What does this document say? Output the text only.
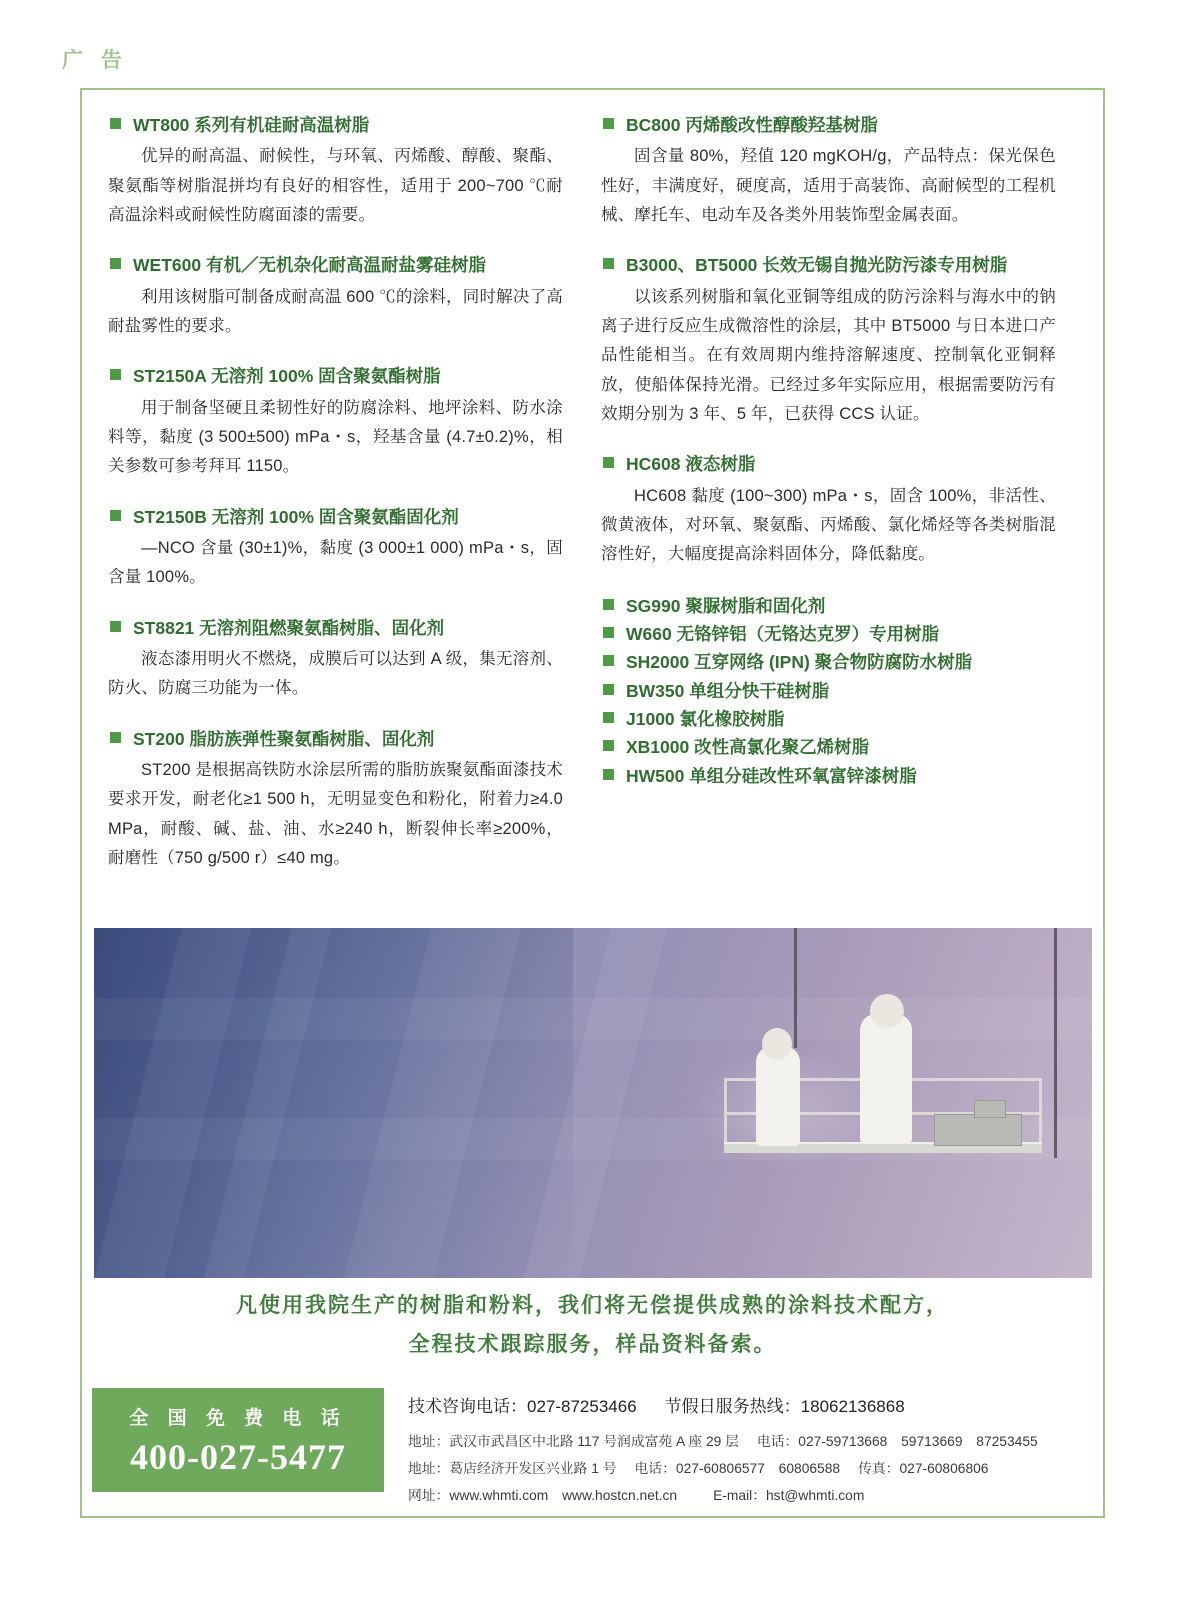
广 告
WT800 系列有机硅耐高温树脂
优异的耐高温、耐候性，与环氧、丙烯酸、醇酸、聚酯、聚氨酯等树脂混拼均有良好的相容性，适用于 200~700 ℃耐高温涂料或耐候性防腐面漆的需要。
WET600 有机／无机杂化耐高温耐盐雾硅树脂
利用该树脂可制备成耐高温 600 ℃的涂料，同时解决了高耐盐雾性的要求。
ST2150A 无溶剂 100% 固含聚氨酯树脂
用于制备坚硬且柔韧性好的防腐涂料、地坪涂料、防水涂料等，黏度 (3 500±500) mPa・s，羟基含量 (4.7±0.2)%，相关参数可参考拜耳 1150。
ST2150B 无溶剂 100% 固含聚氨酯固化剂
—NCO 含量 (30±1)%，黏度 (3 000±1 000) mPa・s，固含量 100%。
ST8821 无溶剂阻燃聚氨酯树脂、固化剂
液态漆用明火不燃烧，成膜后可以达到 A 级，集无溶剂、防火、防腐三功能为一体。
ST200 脂肪族弹性聚氨酯树脂、固化剂
ST200 是根据高铁防水涂层所需的脂肪族聚氨酯面漆技术要求开发，耐老化≥1 500 h，无明显变色和粉化，附着力≥4.0 MPa，耐酸、碱、盐、油、水≥240 h，断裂伸长率≥200%，耐磨性（750 g/500 r）≤40 mg。
BC800 丙烯酸改性醇酸羟基树脂
固含量 80%，羟值 120 mgKOH/g，产品特点：保光保色性好，丰满度好，硬度高，适用于高装饰、高耐候型的工程机械、摩托车、电动车及各类外用装饰型金属表面。
B3000、BT5000 长效无锡自抛光防污漆专用树脂
以该系列树脂和氧化亚铜等组成的防污涂料与海水中的钠离子进行反应生成微溶性的涂层，其中 BT5000 与日本进口产品性能相当。在有效周期内维持溶解速度、控制氧化亚铜释放，使船体保持光滑。已经过多年实际应用，根据需要防污有效期分别为 3 年、5 年，已获得 CCS 认证。
HC608 液态树脂
HC608 黏度 (100~300) mPa・s，固含 100%，非活性、微黄液体，对环氧、聚氨酯、丙烯酸、氯化烯烃等各类树脂混溶性好，大幅度提高涂料固体分，降低黏度。
SG990 聚脲树脂和固化剂
W660 无铬锌铝（无铬达克罗）专用树脂
SH2000 互穿网络 (IPN) 聚合物防腐防水树脂
BW350 单组分快干硅树脂
J1000 氯化橡胶树脂
XB1000 改性高氯化聚乙烯树脂
HW500 单组分硅改性环氧富锌漆树脂
凡使用我院生产的树脂和粉料，我们将无偿提供成熟的涂料技术配方，
全程技术跟踪服务，样品资料备索。
全 国 免 费 电 话
400-027-5477
技术咨询电话：027-87253466 节假日服务热线：18062136868
地址：武汉市武昌区中北路 117 号润成富苑 A 座 29 层 电话：027-59713668　59713669　87253455
地址：葛店经济开发区兴业路 1 号 电话：027-60806577　60806588 传真：027-60806806
网址：www.whmti.com　www.hostcn.net.cn	E-mail：hst@whmti.com
